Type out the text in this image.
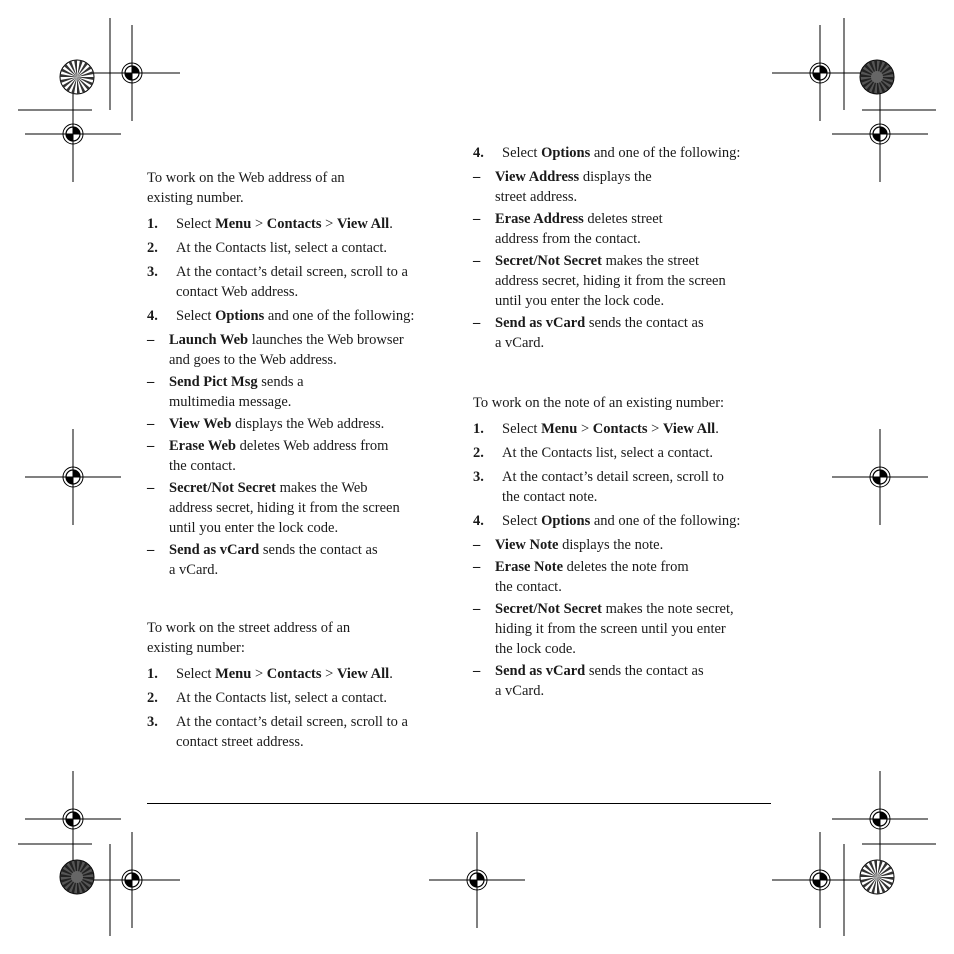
To work on the Web address of an
existing number.
1. Select Menu > Contacts > View All.
2. At the Contacts list, select a contact.
3. At the contact’s detail screen, scroll to a
contact Web address.
4. Select Options and one of the following:
– Launch Web launches the Web browser
and goes to the Web address.
– Send Pict Msg sends a
multimedia message.
– View Web displays the Web address.
– Erase Web deletes Web address from
the contact.
– Secret/Not Secret makes the Web
address secret, hiding it from the screen
until you enter the lock code.
– Send as vCard sends the contact as
a vCard.
To work on the street address of an
existing number:
1. Select Menu > Contacts > View All.
2. At the Contacts list, select a contact.
3. At the contact’s detail screen, scroll to a
contact street address.
4. Select Options and one of the following:
– View Address displays the
street address.
– Erase Address deletes street
address from the contact.
– Secret/Not Secret makes the street
address secret, hiding it from the screen
until you enter the lock code.
– Send as vCard sends the contact as
a vCard.
To work on the note of an existing number:
1. Select Menu > Contacts > View All.
2. At the Contacts list, select a contact.
3. At the contact’s detail screen, scroll to
the contact note.
4. Select Options and one of the following:
– View Note displays the note.
– Erase Note deletes the note from
the contact.
– Secret/Not Secret makes the note secret,
hiding it from the screen until you enter
the lock code.
– Send as vCard sends the contact as
a vCard.
